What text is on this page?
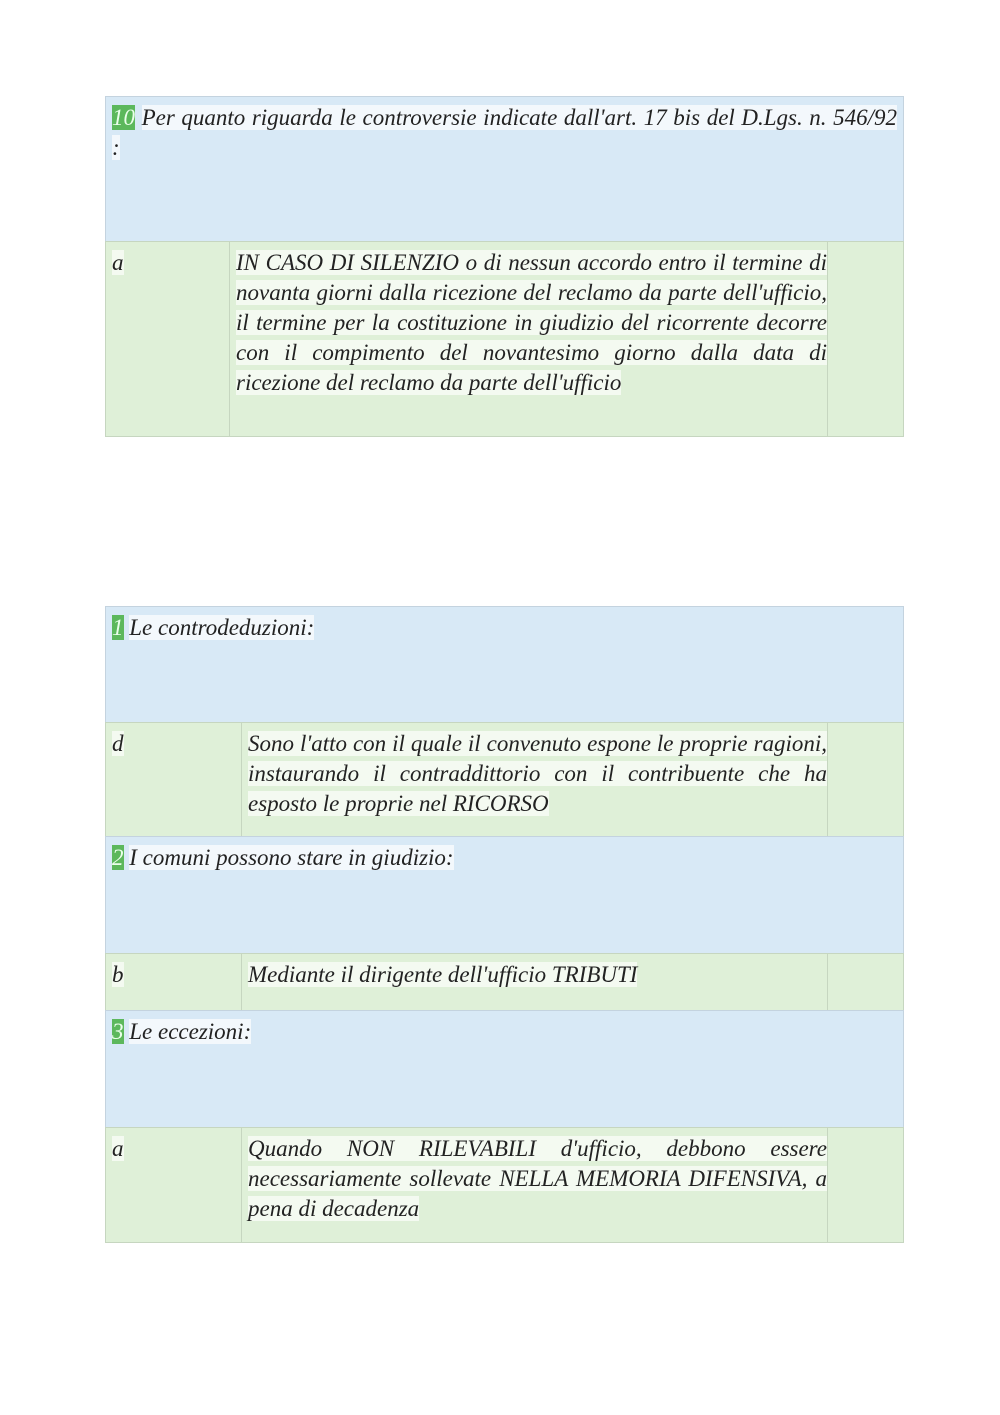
10 Per quanto riguarda le controversie indicate dall'art. 17 bis del D.Lgs. n. 546/92 :
a	IN CASO DI SILENZIO o di nessun accordo entro il termine di novanta giorni dalla ricezione del reclamo da parte dell'ufficio, il termine per la costituzione in giudizio del ricorrente decorre con il compimento del novantesimo giorno dalla data di ricezione del reclamo da parte dell'ufficio
1 Le controdeduzioni:
d	Sono l'atto con il quale il convenuto espone le proprie ragioni, instaurando il contraddittorio con il contribuente che ha esposto le proprie nel RICORSO
2 I comuni possono stare in giudizio:
b	Mediante il dirigente dell'ufficio TRIBUTI
3 Le eccezioni:
a	Quando NON RILEVABILI d'ufficio, debbono essere necessariamente sollevate NELLA MEMORIA DIFENSIVA, a pena di decadenza
